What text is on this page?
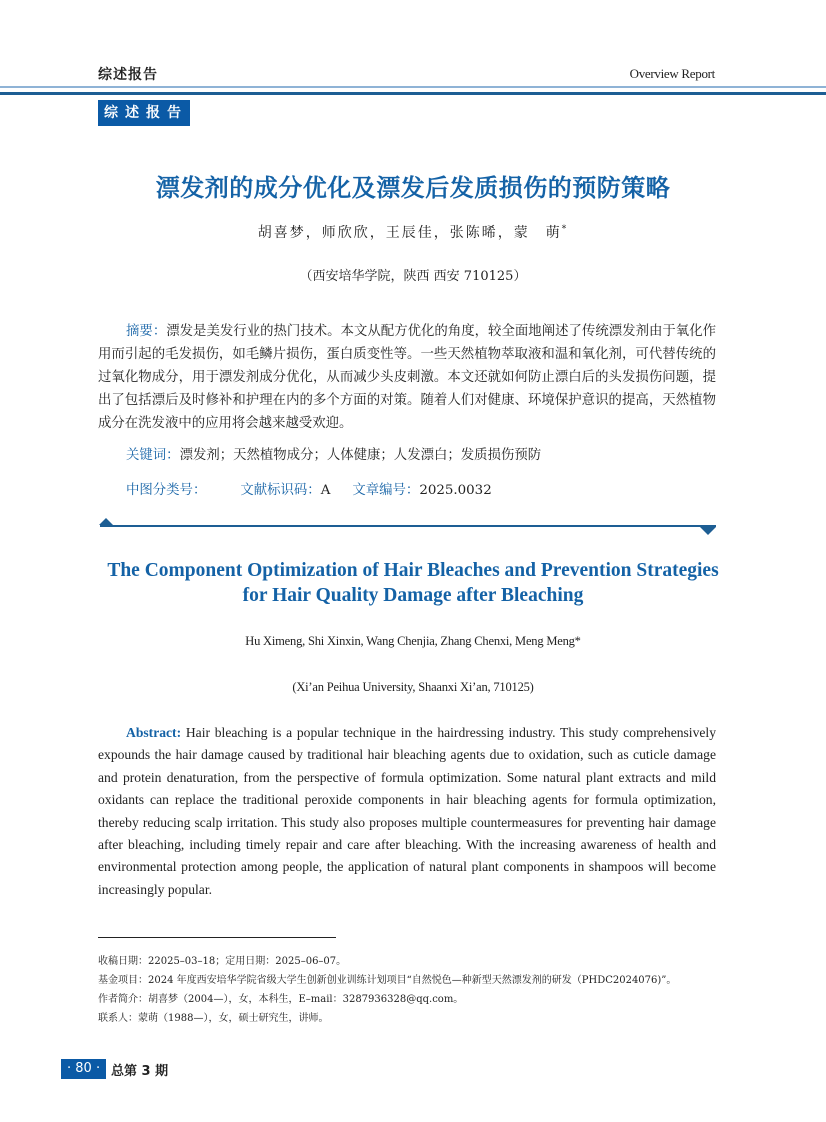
综述报告	Overview Report
综述报告
漂发剂的成分优化及漂发后发质损伤的预防策略
胡喜梦，师欣欣，王辰佳，张陈晞，蒙　萌*
（西安培华学院，陕西 西安 710125）
摘要：漂发是美发行业的热门技术。本文从配方优化的角度，较全面地阐述了传统漂发剂由于氧化作用而引起的毛发损伤，如毛鳞片损伤，蛋白质变性等。一些天然植物萃取液和温和氧化剂，可代替传统的过氧化物成分，用于漂发剂成分优化，从而减少头皮刺激。本文还就如何防止漂白后的头发损伤问题，提出了包括漂后及时修补和护理在内的多个方面的对策。随着人们对健康、环境保护意识的提高，天然植物成分在洗发液中的应用将会越来越受欢迎。
关键词：漂发剂；天然植物成分；人体健康；人发漂白；发质损伤预防
中图分类号：	文献标识码：A 文章编号：2025.0032
The Component Optimization of Hair Bleaches and Prevention Strategies
for Hair Quality Damage after Bleaching
Hu Ximeng, Shi Xinxin, Wang Chenjia, Zhang Chenxi, Meng Meng*
(Xi’an Peihua University, Shaanxi Xi’an, 710125)
Abstract: Hair bleaching is a popular technique in the hairdressing industry. This study comprehensively expounds the hair damage caused by traditional hair bleaching agents due to oxidation, such as cuticle damage and protein denaturation, from the perspective of formula optimization. Some natural plant extracts and mild oxidants can replace the traditional peroxide components in hair bleaching agents for formula optimization, thereby reducing scalp irritation. This study also proposes multiple countermeasures for preventing hair damage after bleaching, including timely repair and care after bleaching. With the increasing awareness of health and environmental protection among people, the application of natural plant components in shampoos will become increasingly popular.
收稿日期：22025–03–18；定用日期：2025–06–07。
基金项目：2024 年度西安培华学院省级大学生创新创业训练计划项目“自然悦色—种新型天然漂发剂的研发（PHDC2024076)”。
作者简介：胡喜梦（2004—），女，本科生，E–mail：3287936328@qq.com。
联系人：蒙萌（1988—），女，硕士研究生，讲师。
· 80 · 总第 3 期
